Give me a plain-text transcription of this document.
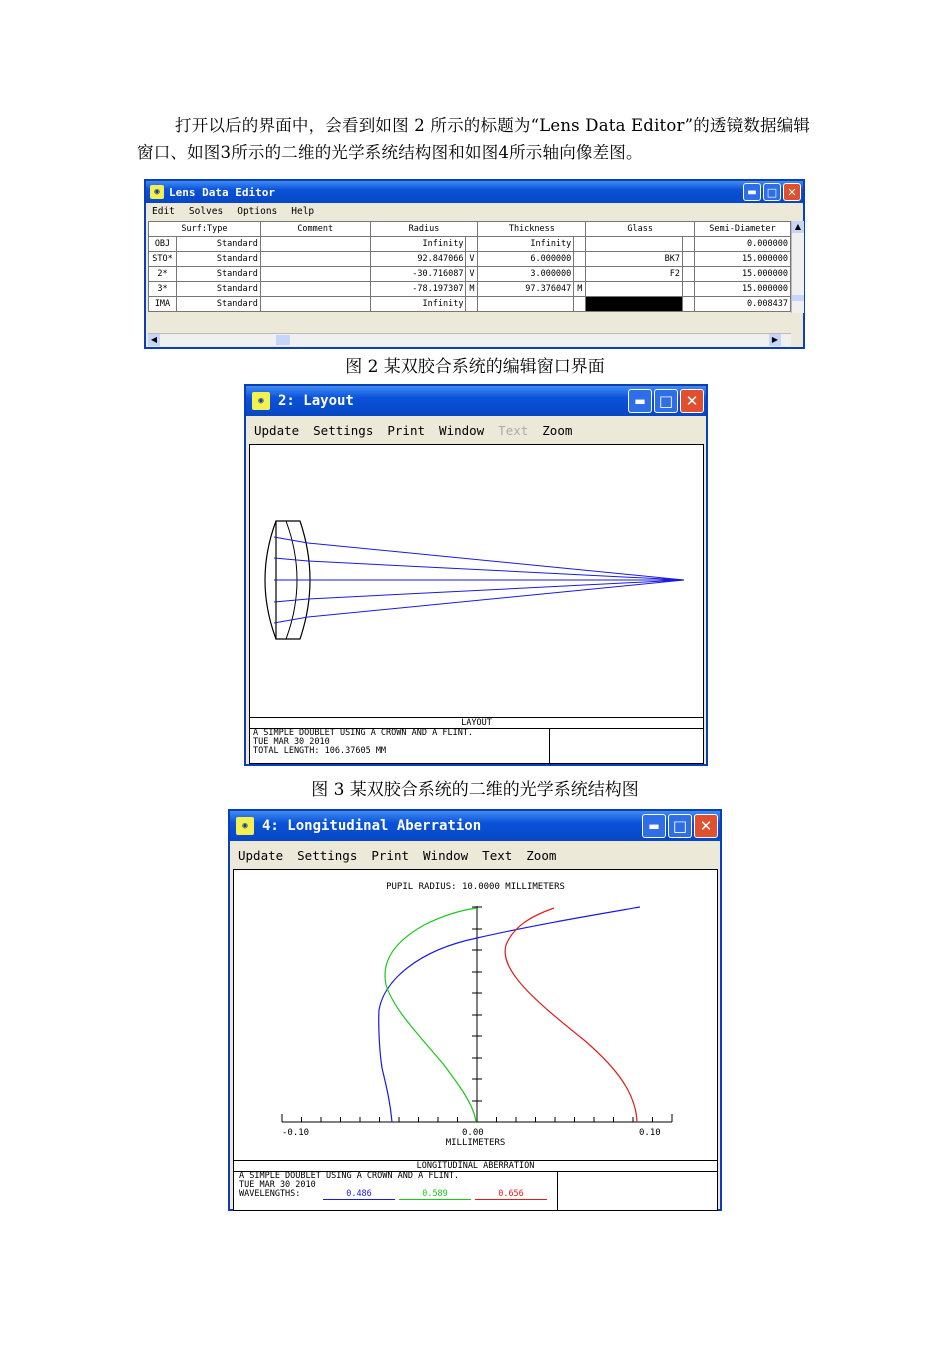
打开以后的界面中，会看到如图 2 所示的标题为“Lens Data Editor”的透镜数据编辑窗口、如图3所示的二维的光学系统结构图和如图4所示轴向像差图。
◉ Lens Data Editor	▬ □ ✕
Edit Solves Options Help
Surf:Type		Comment	Radius		Thickness		Glass		Semi-Diameter
OBJ	Standard		Infinity		Infinity				0.000000
STO*	Standard		92.847066	V	6.000000		BK7		15.000000
2*	Standard		-30.716087	V	3.000000		F2		15.000000
3*	Standard		-78.197307	M	97.376047	M			15.000000
IMA	Standard		Infinity						0.008437
▲
◀	▶
图 2 某双胶合系统的编辑窗口界面
◉	2: Layout	▬ □ ✕
Update Settings Print Window Text Zoom
LAYOUT
A SIMPLE DOUBLET USING A CROWN AND A FLINT.
TUE MAR 30 2010
TOTAL LENGTH: 106.37605 MM
图 3 某双胶合系统的二维的光学系统结构图
◉	4: Longitudinal Aberration	▬ □ ✕
Update Settings Print Window Text Zoom
PUPIL RADIUS: 10.0000 MILLIMETERS
-0.10	0.00	0.10
MILLIMETERS
LONGITUDINAL ABERRATION
A SIMPLE DOUBLET USING A CROWN AND A FLINT.
TUE MAR 30 2010
WAVELENGTHS:	0.486	0.589	0.656
